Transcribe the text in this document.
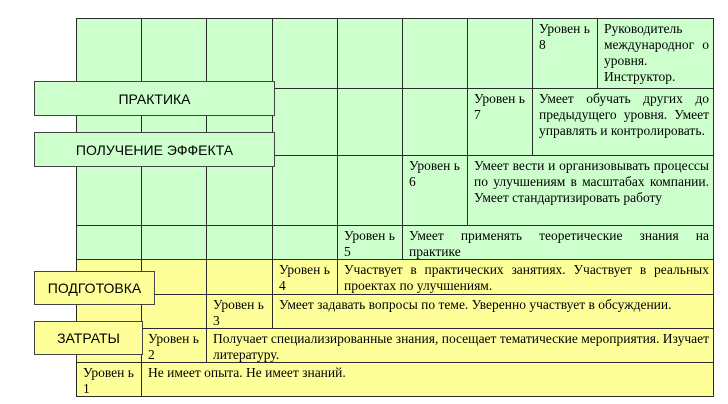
Уровен ь 8
Руководитель международног о уровня. Инструктор.
Уровен ь 7
Умеет обучать других до предыдущего уровня. Умеет управлять и контролировать.
Уровен ь 6
Умеет вести и организовывать процессы по улучшениям в масштабах компании. Умеет стандартизировать работу
Уровен ь 5
Умеет применять теоретические знания на практике
Уровен ь 4
Участвует в практических занятиях. Участвует в реальных проектах по улучшениям.
Уровен ь 3
Умеет задавать вопросы по теме. Уверенно участвует в обсуждении.
Уровен ь 2
Получает специализированные знания, посещает тематические мероприятия. Изучает литературу.
Уровен ь 1
Не имеет опыта. Не имеет знаний.
ПРАКТИКА
ПОЛУЧЕНИЕ ЭФФЕКТА
ПОДГОТОВКА
ЗАТРАТЫ
